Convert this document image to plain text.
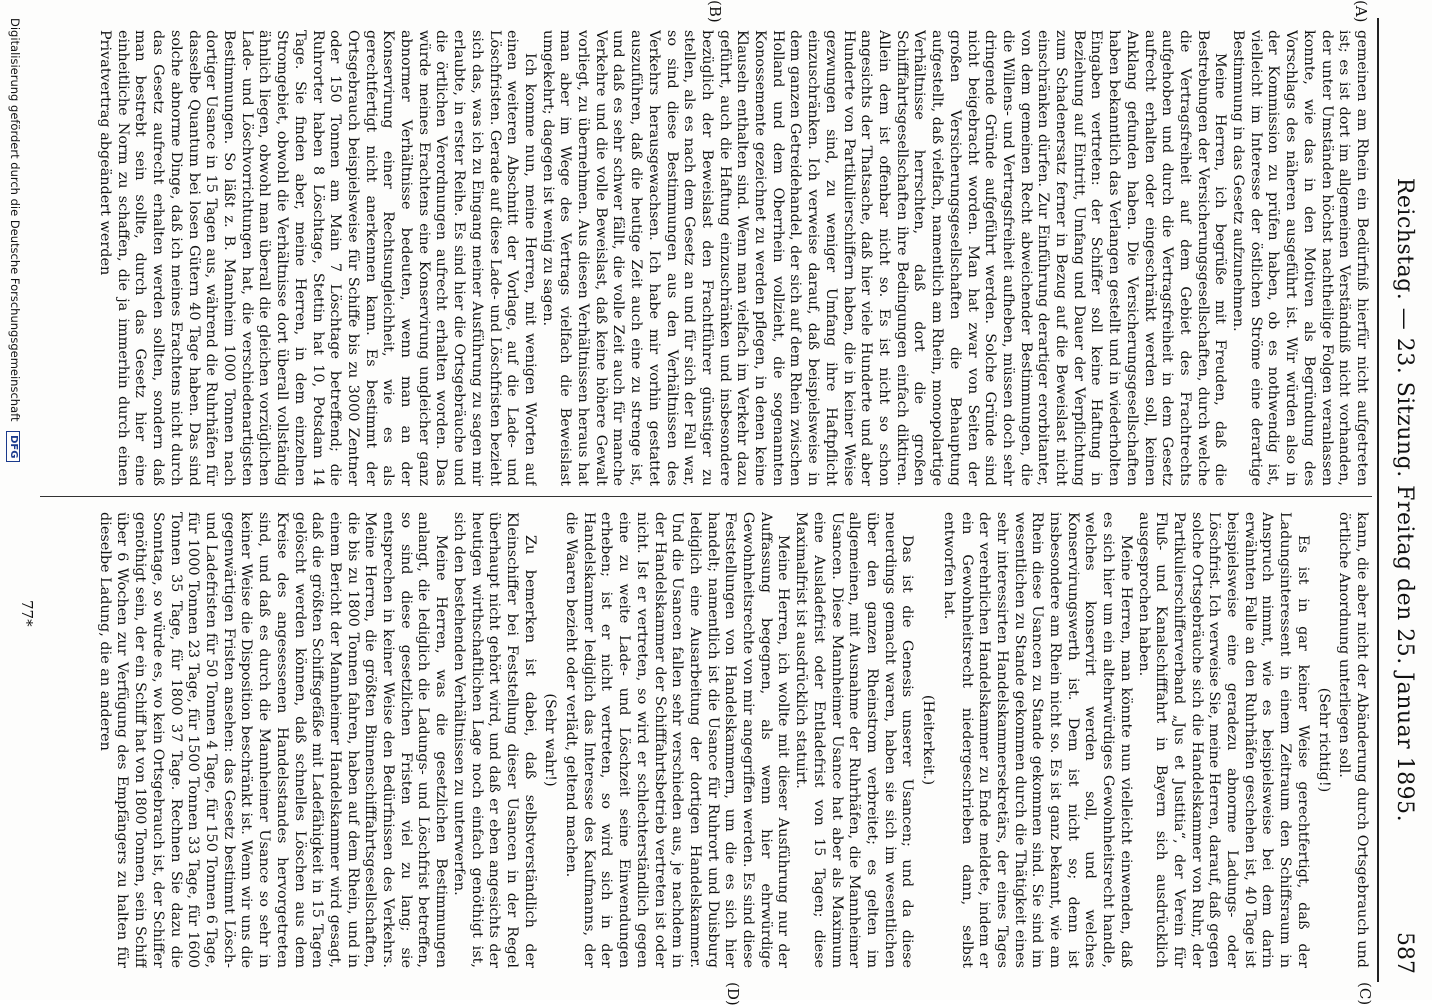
Reichstag. — 23. Sitzung. Freitag den 25. Januar 1895.
587
(A)
(B)
(C)
(D)

gemeinen am Rhein ein Bedürfniß hierfür nicht aufgetreten ist; es ist dort im allgemeinen Verständniß nicht vorhanden, der unter Umständen höchst nachtheilige Folgen veranlassen konnte, wie das in den Motiven als Begründung des Vorschlags des näheren ausgeführt ist. Wir würden also in der Kommission zu prüfen haben, ob es nothwendig ist, vielleicht im Interesse der östlichen Ströme eine derartige Bestimmung in das Gesetz aufzunehmen.

Meine Herren, ich begrüße mit Freuden, daß die Bestrebungen der Versicherungsgesellschaften, durch welche die Vertragsfreiheit auf dem Gebiet des Frachtrechts aufgehoben und durch die Vertragsfreiheit in dem Gesetz aufrecht erhalten oder eingeschränkt werden soll, keinen Anklang gefunden haben. Die Versicherungsgesellschaften haben bekanntlich das Verlangen gestellt und in wiederholten Eingaben vertreten: der Schiffer soll keine Haftung in Beziehung auf Eintritt, Umfang und Dauer der Verpflichtung zum Schadenersatz ferner in Bezug auf die Beweislast nicht einschränken dürfen. Zur Einführung derartiger erorbitanter, von dem gemeinen Recht abweichender Bestimmungen, die die Willens- und Vertragsfreiheit aufheben, müssen doch sehr dringende Gründe aufgeführt werden. Solche Gründe sind nicht beigebracht worden. Man hat zwar von Seiten der großen Versicherungsgesellschaften die Behauptung aufgestellt, daß vielfach, namentlich am Rhein, monopolartige Verhältnisse herrschten, daß dort die großen Schifffahrtsgesellschaften ihre Bedingungen einfach diktiren. Allein dem ist offenbar nicht so. Es ist nicht so schon angesichts der Thatsache, daß hier viele Hunderte und aber Hunderte von Partikulierschiffern haben, die in keiner Weise gezwungen sind, zu weniger Umfang ihre Haftpflicht einzuschränken. Ich verweise darauf, daß beispielsweise in dem ganzen Getreidehandel, der sich auf dem Rhein zwischen Holland und dem Oberrhein vollzieht, die sogenannten Konossemente gezeichnet zu werden pflegen, in denen keine Klauseln enthalten sind. Wenn man vielfach im Verkehr dazu geführt, auch die Haftung einzuschränken und insbesondere bezüglich der Beweislast den Frachtführer günstiger zu stellen, als es nach dem Gesetz an und für sich der Fall war, so sind diese Bestimmungen aus den Verhältnissen des Verkehrs herausgewachsen. Ich habe mir vorhin gestattet auszuführen, daß die heutige Zeit auch eine zu strenge ist, und daß es sehr schwer fällt, die volle Zeit auch für manche Verkehre und die volle Beweislast, daß keine höhere Gewalt vorliegt, zu übernehmen. Aus diesen Verhältnissen heraus hat man aber im Wege des Vertrags vielfach die Beweislast umgekehrt; dagegen ist wenig zu sagen.

Ich komme nun, meine Herren, mit wenigen Worten auf einen weiteren Abschnitt der Vorlage, auf die Lade- und Löschfristen. Gerade auf diese Lade- und Löschfristen bezieht sich das, was ich zu Eingang meiner Ausführung zu sagen mir erlaubte, in erster Reihe. Es sind hier die Ortsgebräuche und die örtlichen Verordnungen aufrecht erhalten worden. Das würde meines Erachtens eine Konservirung ungleicher ganz abnormer Verhältnisse bedeuten, wenn man an der Konservirung einer Rechtsungleichheit, wie es als gerechtfertigt nicht anerkennen kann. Es bestimmt der Ortsgebrauch beispielsweise für Schiffe bis zu 3000 Zentner oder 150 Tonnen am Main 7 Löschtage betreffend; die Ruhrorter haben 8 Löschtage, Stettin hat 10, Potsdam 14 Tage. Sie finden aber, meine Herren, in dem einzelnen Stromgebiet, obwohl die Verhältnisse dort überall vollständig ähnlich liegen, obwohl man überall die gleichen vorzüglichen Lade- und Löschvorrichtungen hat, die verschiedenartigsten Bestimmungen. So läßt z. B. Mannheim 1000 Tonnen nach dortiger Usance in 15 Tagen aus, während die Ruhrhäfen für dasselbe Quantum bei losen Gütern 40 Tage haben. Das sind solche abnorme Dinge, daß ich meines Erachtens nicht durch das Gesetz aufrecht erhalten werden sollten, sondern daß man bestrebt sein sollte, durch das Gesetz hier eine einheitliche Norm zu schaffen, die ja immerhin durch einen Privatvertrag abgeändert werden

kann, die aber nicht der Abänderung durch Ortsgebrauch und örtliche Anordnung unterliegen soll.

(Sehr richtig!)

Es ist in gar keiner Weise gerechtfertigt, daß der Ladungsinteressent in einem Zeitraum den Schiffsraum in Anspruch nimmt, wie es beispielsweise bei dem darin erwähnten Falle an den Ruhrhäfen geschehen ist, 40 Tage ist beispielsweise eine geradezu abnorme Ladungs- oder Löschfrist. Ich verweise Sie, meine Herren, darauf, daß gegen solche Ortsgebräuche sich die Handelskammer von Ruhr, der Partikulierschifferverband „Jus et Justitia“, der Verein für Fluß- und Kanalschifffahrt in Bayern sich ausdrücklich ausgesprochen haben.

Meine Herren, man könnte nun vielleicht einwenden, daß es sich hier um ein altehrwürdiges Gewohnheitsrecht handle, welches konservirt werden soll, und welches Konservirungswerth ist. Dem ist nicht so; denn ist insbesondere am Rhein nicht so. Es ist ganz bekannt, wie am Rhein diese Usancen zu Stande gekommen sind. Sie sind im wesentlichen zu Stande gekommen durch die Thätigkeit eines sehr interessirten Handelskammersekretärs, der eines Tages der verehrlichen Handelskammer zu Ende meldete, indem er ein Gewohnheitsrecht niedergeschrieben dann, selbst entworfen hat.

(Heiterkeit.)

Das ist die Genesis unserer Usancen; und da diese neuerdings gemacht waren, haben sie sich im wesentlichen über den ganzen Rheinstrom verbreitet; es gelten im allgemeinen, mit Ausnahme der Ruhrhäfen, die Mannheimer Usancen. Diese Mannheimer Usance hat aber als Maximum eine Ausladefrist oder Entladefrist von 15 Tagen; diese Maximalfrist ist ausdrücklich statuirt.

Meine Herren, ich wollte mit dieser Ausführung nur der Auffassung begegnen, als wenn hier ehrwürdige Gewohnheitsrechte von mir angegriffen werden. Es sind diese Feststellungen von Handelskammern, um die es sich hier handelt; namentlich ist die Usance für Ruhrort und Duisburg lediglich eine Ausarbeitung der dortigen Handelskammer. Und die Usancen fallen sehr verschieden aus, je nachdem in der Handelskammer der Schifffahrtsbetrieb vertreten ist oder nicht. Ist er vertreten, so wird er schlechterständlich gegen eine zu weite Lade- und Löschzeit seine Einwendungen erheben; ist er nicht vertreten, so wird sich in der Handelskammer lediglich das Interesse des Kaufmanns, der die Waaren bezieht oder verlädt, geltend machen.

(Sehr wahr!)

Zu bemerken ist dabei, daß selbstverständlich der Kleinschiffer bei Feststellung dieser Usancen in der Regel überhaupt nicht gehört wird, und daß er eben angesichts der heutigen wirthschaftlichen Lage noch einfach genöthigt ist, sich den bestehenden Verhältnissen zu unterwerfen.

Meine Herren, was die gesetzlichen Bestimmungen anlangt, die lediglich die Ladungs- und Löschfrist betreffen, so sind diese gesetzlichen Fristen viel zu lang; sie entsprechen in keiner Weise den Bedürfnissen des Verkehrs. Meine Herren, die größten Binnenschifffahrtsgesellschaften, die bis zu 1800 Tonnen fahren, haben auf dem Rhein, und in einem Bericht der Mannheimer Handelskammer wird gesagt, daß die größten Schiffsgefäße mit Ladefähigkeit in 15 Tagen gelöscht werden können, daß schnelles Löschen aus dem Kreise des angesessenen Handelsstandes hervorgetreten sind, und daß es durch die Mannheimer Usance so sehr in keiner Weise die Disposition beschränkt ist. Wenn wir uns die gegenwärtigen Fristen ansehen: das Gesetz bestimmt Lösch- und Ladefristen für 50 Tonnen 4 Tage, für 150 Tonnen 6 Tage, für 1000 Tonnen 23 Tage, für 1500 Tonnen 33 Tage, für 1600 Tonnen 35 Tage, für 1800 37 Tage. Rechnen Sie dazu die Sonntage, so würde es, wo kein Ortsgebrauch ist, der Schiffer genöthigt sein, der ein Schiff hat von 1800 Tonnen, sein Schiff über 6 Wochen zur Verfügung des Empfängers zu halten für dieselbe Ladung, die an anderen

77*
Digitalisierung gefördert durch die Deutsche Forschungsgemeinschaft DFG
